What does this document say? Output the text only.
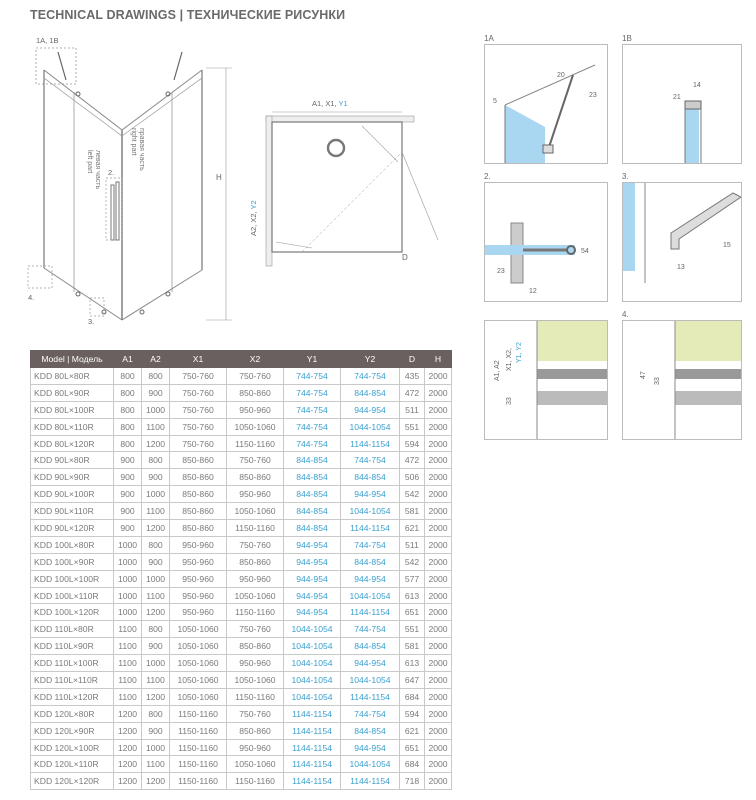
TECHNICAL DRAWINGS | ТЕХНИЧЕСКИЕ РИСУНКИ
1A, 1B
2.
4.
3.
left part левая часть
right part правая часть
H
A1, X1, Y1
D
A2, X2, Y2
1A
20
5
23
1B
14
21
2.
54
23
12
3.
15
13
A1, A2 X1, X2, Y1, Y2
33
4.
47
33
Model | Модель	A1	A2	X1	X2	Y1	Y2	D	H
KDD 80L×80R	800	800	750-760	750-760	744-754	744-754	435	2000
KDD 80L×90R	800	900	750-760	850-860	744-754	844-854	472	2000
KDD 80L×100R	800	1000	750-760	950-960	744-754	944-954	511	2000
KDD 80L×110R	800	1100	750-760	1050-1060	744-754	1044-1054	551	2000
KDD 80L×120R	800	1200	750-760	1150-1160	744-754	1144-1154	594	2000
KDD 90L×80R	900	800	850-860	750-760	844-854	744-754	472	2000
KDD 90L×90R	900	900	850-860	850-860	844-854	844-854	506	2000
KDD 90L×100R	900	1000	850-860	950-960	844-854	944-954	542	2000
KDD 90L×110R	900	1100	850-860	1050-1060	844-854	1044-1054	581	2000
KDD 90L×120R	900	1200	850-860	1150-1160	844-854	1144-1154	621	2000
KDD 100L×80R	1000	800	950-960	750-760	944-954	744-754	511	2000
KDD 100L×90R	1000	900	950-960	850-860	944-954	844-854	542	2000
KDD 100L×100R	1000	1000	950-960	950-960	944-954	944-954	577	2000
KDD 100L×110R	1000	1100	950-960	1050-1060	944-954	1044-1054	613	2000
KDD 100L×120R	1000	1200	950-960	1150-1160	944-954	1144-1154	651	2000
KDD 110L×80R	1100	800	1050-1060	750-760	1044-1054	744-754	551	2000
KDD 110L×90R	1100	900	1050-1060	850-860	1044-1054	844-854	581	2000
KDD 110L×100R	1100	1000	1050-1060	950-960	1044-1054	944-954	613	2000
KDD 110L×110R	1100	1100	1050-1060	1050-1060	1044-1054	1044-1054	647	2000
KDD 110L×120R	1100	1200	1050-1060	1150-1160	1044-1054	1144-1154	684	2000
KDD 120L×80R	1200	800	1150-1160	750-760	1144-1154	744-754	594	2000
KDD 120L×90R	1200	900	1150-1160	850-860	1144-1154	844-854	621	2000
KDD 120L×100R	1200	1000	1150-1160	950-960	1144-1154	944-954	651	2000
KDD 120L×110R	1200	1100	1150-1160	1050-1060	1144-1154	1044-1054	684	2000
KDD 120L×120R	1200	1200	1150-1160	1150-1160	1144-1154	1144-1154	718	2000
